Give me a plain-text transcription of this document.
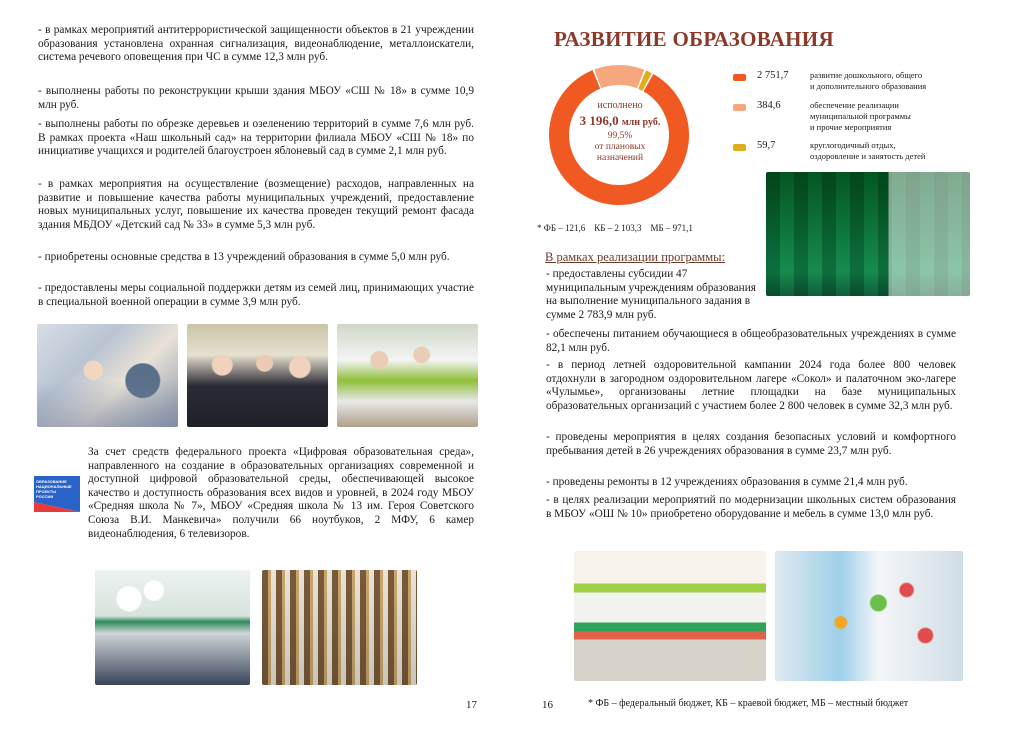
- в рамках мероприятий антитеррористической защищенности объектов в 21 учреждении образования установлена охранная сигнализация, видеонаблюдение, металлоискатели, система речевого оповещения при ЧС в сумме 12,3 млн руб.

- выполнены работы по реконструкции крыши здания МБОУ «СШ № 18» в сумме 10,9 млн руб.

- выполнены работы по обрезке деревьев и озеленению территорий в сумме 7,6 млн руб. В рамках проекта «Наш школьный сад» на территории филиала МБОУ «СШ № 18» по инициативе учащихся и родителей благоустроен яблоневый сад в сумме 2,1 млн руб.

- в рамках мероприятия на осуществление (возмещение) расходов, направленных на развитие и повышение качества работы муниципальных учреждений, предоставление новых муниципальных услуг, повышение их качества проведен текущий ремонт фасада здания МБДОУ «Детский сад № 33» в сумме 5,3 млн руб.

- приобретены основные средства в 13 учреждений образования в сумме 5,0 млн руб.

- предоставлены меры социальной поддержки детям из семей лиц, принимающих участие в специальной военной операции в сумме 3,9 млн руб.

ОБРАЗОВАНИЕ
НАЦИОНАЛЬНЫЕ
ПРОЕКТЫ
РОССИИ

За счет средств федерального проекта «Цифровая образовательная среда», направленного на создание в образовательных организациях современной и доступной цифровой образовательной среды, обеспечивающей высокое качество и доступность образования всех видов и уровней, в 2024 году МБОУ «Средняя школа № 7», МБОУ «Средняя школа № 13 им. Героя Советского Союза В.И. Манкевича» получили 66 ноутбуков, 2 МФУ, 6 камер видеонаблюдения, 6 телевизоров.

17
РАЗВИТИЕ ОБРАЗОВАНИЯ
исполнено
3 196,0 млн руб.
99,5%
от плановых
назначений
2 751,7	развитие дошкольного, общего
и дополнительного образования
384,6	обеспечение реализации
муниципальной программы
и прочие мероприятия
59,7	круглогодичный отдых,
оздоровление и занятость детей
* ФБ – 121,6    КБ – 2 103,3    МБ – 971,1
В рамках реализации программы:

- предоставлены субсидии 47 муниципальным учреждениям образования на выполнение муниципального задания в сумме 2 783,9 млн руб.

- обеспечены питанием обучающиеся в общеобразовательных учреждениях в сумме 82,1 млн руб.

- в период летней оздоровительной кампании 2024 года более 800 человек отдохнули в загородном оздоровительном лагере «Сокол» и палаточном эко-лагере «Чулымье», организованы летние площадки на базе муниципальных образовательных организаций с участием более 2 800 человек в сумме 32,3 млн руб.

- проведены мероприятия в целях создания безопасных условий и комфортного пребывания детей в 26 учреждениях образования в сумме 23,7 млн руб.

- проведены ремонты в 12 учреждениях образования в сумме 21,4 млн руб.

- в целях реализации мероприятий по модернизации школьных систем образования в МБОУ «ОШ № 10» приобретено оборудование и мебель в сумме 13,0 млн руб.

16	* ФБ – федеральный бюджет, КБ – краевой бюджет, МБ – местный бюджет
